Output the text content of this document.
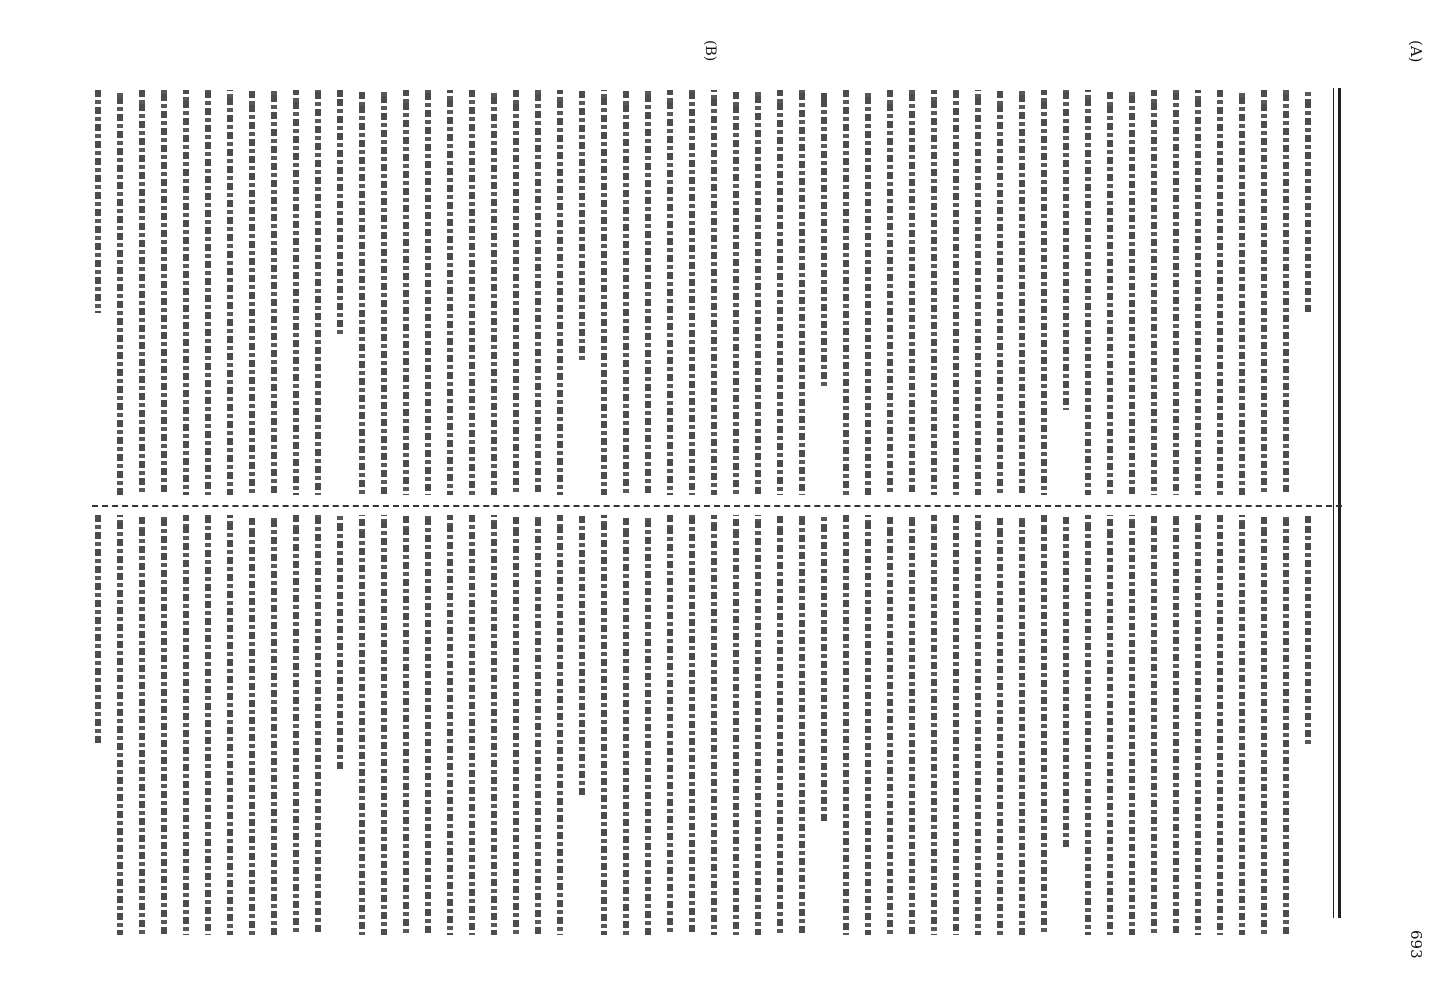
(A)
(B)
693
